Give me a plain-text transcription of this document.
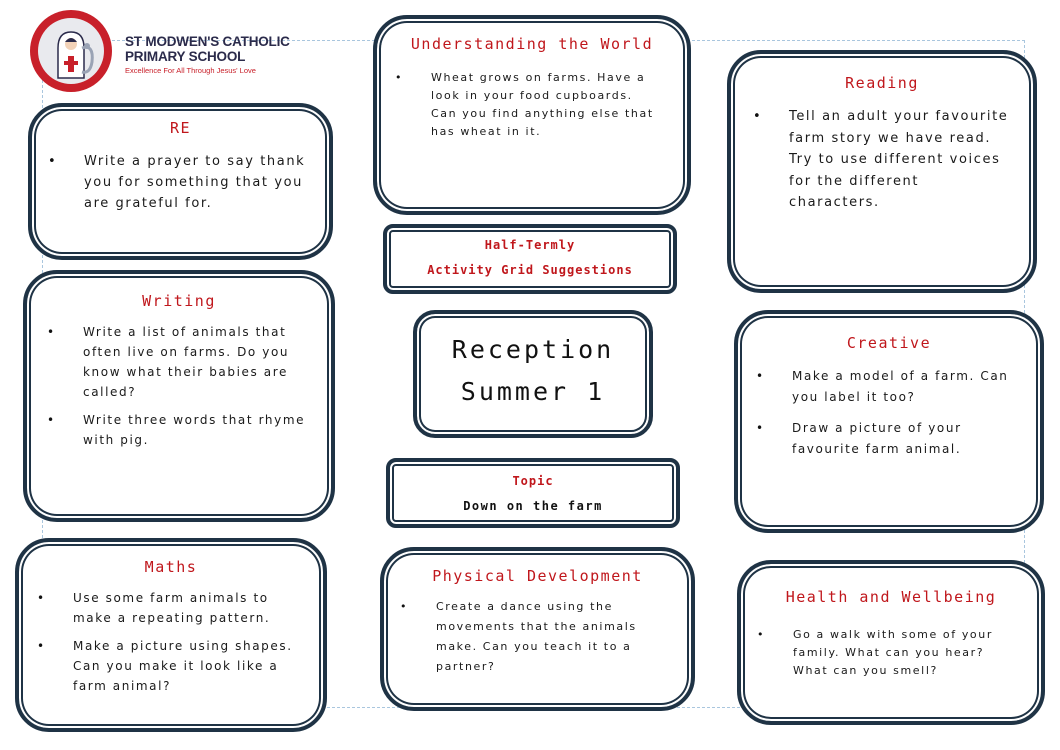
ST MODWEN'S CATHOLIC
PRIMARY SCHOOL
Excellence For All Through Jesus' Love
RE
• Write a prayer to say thank you for something that you are grateful for.
Writing
• Write a list of animals that often live on farms. Do you know what their babies are called?
• Write three words that rhyme with pig.
Maths
• Use some farm animals to make a repeating pattern.
• Make a picture using shapes. Can you make it look like a farm animal?
Understanding the World
• Wheat grows on farms. Have a look in your food cupboards. Can you find anything else that has wheat in it.
Half-Termly
Activity Grid Suggestions
Reception
Summer 1
Topic
Down on the farm
Physical Development
• Create a dance using the movements that the animals make. Can you teach it to a partner?
Reading
• Tell an adult your favourite farm story we have read. Try to use different voices for the different characters.
Creative
• Make a model of a farm. Can you label it too?
• Draw a picture of your favourite farm animal.
Health and Wellbeing
• Go a walk with some of your family. What can you hear? What can you smell?
